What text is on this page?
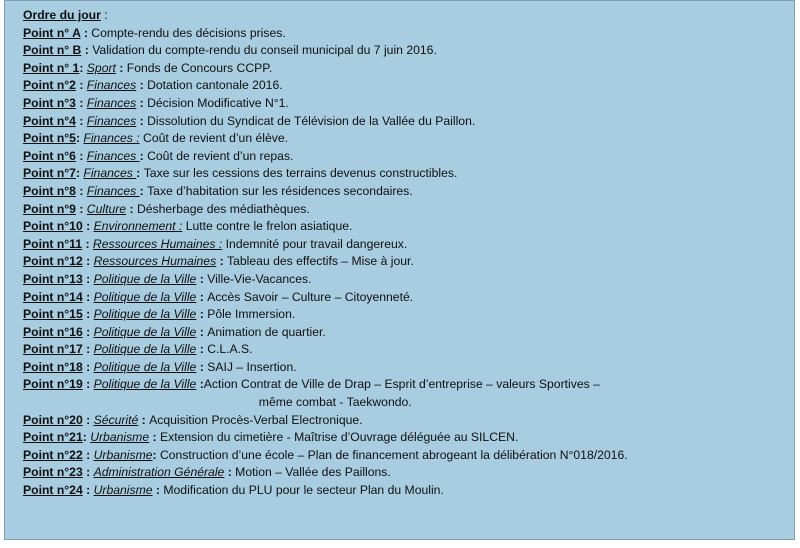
Ordre du jour :
Point n° A : Compte-rendu des décisions prises.
Point n° B : Validation du compte-rendu du conseil municipal du 7 juin 2016.
Point n° 1: Sport : Fonds de Concours CCPP.
Point n°2 : Finances : Dotation cantonale 2016.
Point n°3 : Finances : Décision Modificative N°1.
Point n°4 : Finances : Dissolution du Syndicat de Télévision de la Vallée du Paillon.
Point n°5: Finances : Coût de revient d’un élève.
Point n°6 : Finances : Coût de revient d’un repas.
Point n°7: Finances : Taxe sur les cessions des terrains devenus constructibles.
Point n°8 : Finances : Taxe d’habitation sur les résidences secondaires.
Point n°9 : Culture : Désherbage des médiathèques.
Point n°10 : Environnement : Lutte contre le frelon asiatique.
Point n°11 : Ressources Humaines : Indemnité pour travail dangereux.
Point n°12 : Ressources Humaines : Tableau des effectifs – Mise à jour.
Point n°13 : Politique de la Ville : Ville-Vie-Vacances.
Point n°14 : Politique de la Ville : Accès Savoir – Culture – Citoyenneté.
Point n°15 : Politique de la Ville : Pôle Immersion.
Point n°16 : Politique de la Ville : Animation de quartier.
Point n°17 : Politique de la Ville : C.L.A.S.
Point n°18 : Politique de la Ville : SAIJ – Insertion.
Point n°19 : Politique de la Ville : Action Contrat de Ville de Drap – Esprit d’entreprise – valeurs Sportives –
même combat - Taekwondo.
Point n°20 : Sécurité : Acquisition Procès-Verbal Electronique.
Point n°21: Urbanisme : Extension du cimetière - Maîtrise d’Ouvrage déléguée au SILCEN.
Point n°22 : Urbanisme: Construction d’une école – Plan de financement abrogeant la délibération N°018/2016.
Point n°23 : Administration Générale : Motion – Vallée des Paillons.
Point n°24 : Urbanisme : Modification du PLU pour le secteur Plan du Moulin.
